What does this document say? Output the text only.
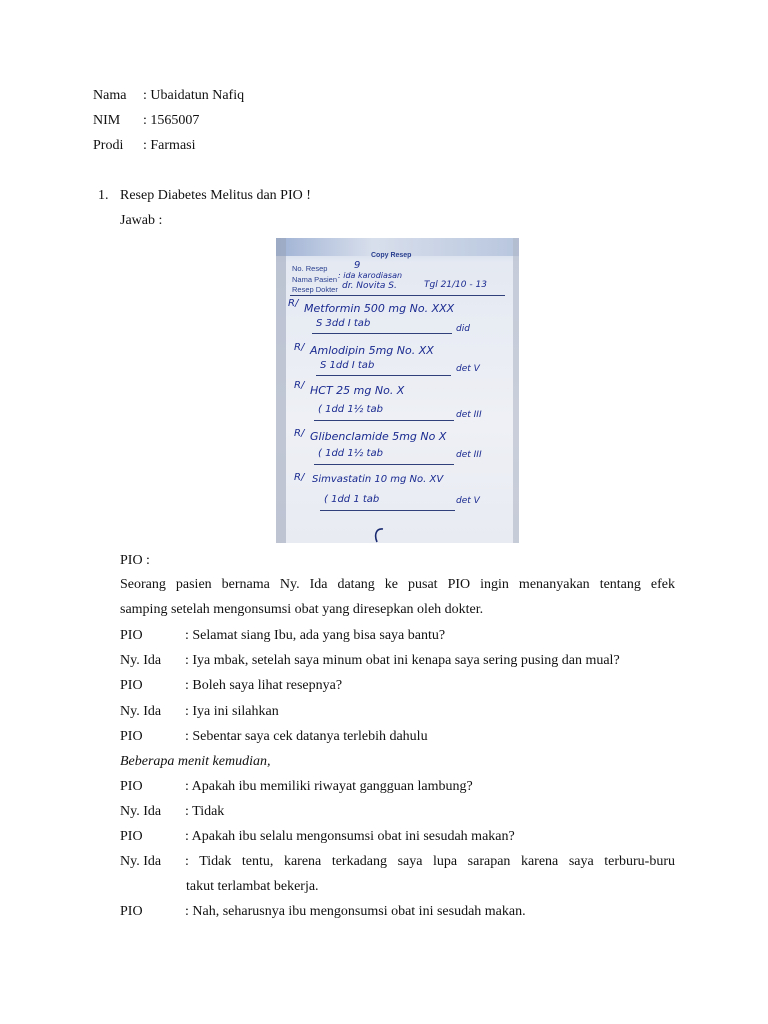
Nama : Ubaidatun Nafiq
NIM : 1565007
Prodi : Farmasi
1. Resep Diabetes Melitus dan PIO !
Jawab :
Copy Resep
No. Resep	9
Nama Pasien : ida karodiasan
Resep Dokter dr. Novita S.	Tgl 21/10 - 13
R/ Metformin 500 mg No. XXX
S 3dd I tab	did
R/ Amlodipin 5mg No. XX
S 1dd I tab	det V
R/ HCT 25 mg No. X
( 1dd 1½ tab	det III
R/ Glibenclamide 5mg No X
( 1dd 1½ tab	det III
R/ Simvastatin 10 mg No. XV
( 1dd 1 tab	det V
PIO :
Seorang pasien bernama Ny. Ida datang ke pusat PIO ingin menanyakan tentang efek
samping setelah mengonsumsi obat yang diresepkan oleh dokter.
PIO	: Selamat siang Ibu, ada yang bisa saya bantu?
Ny. Ida : Iya mbak, setelah saya minum obat ini kenapa saya sering pusing dan mual?
PIO	: Boleh saya lihat resepnya?
Ny. Ida : Iya ini silahkan
PIO	: Sebentar saya cek datanya terlebih dahulu
Beberapa menit kemudian,
PIO	: Apakah ibu memiliki riwayat gangguan lambung?
Ny. Ida : Tidak
PIO	: Apakah ibu selalu mengonsumsi obat ini sesudah makan?
Ny. Ida : Tidak tentu, karena terkadang saya lupa sarapan karena saya terburu-buru
takut terlambat bekerja.
PIO	: Nah, seharusnya ibu mengonsumsi obat ini sesudah makan.
